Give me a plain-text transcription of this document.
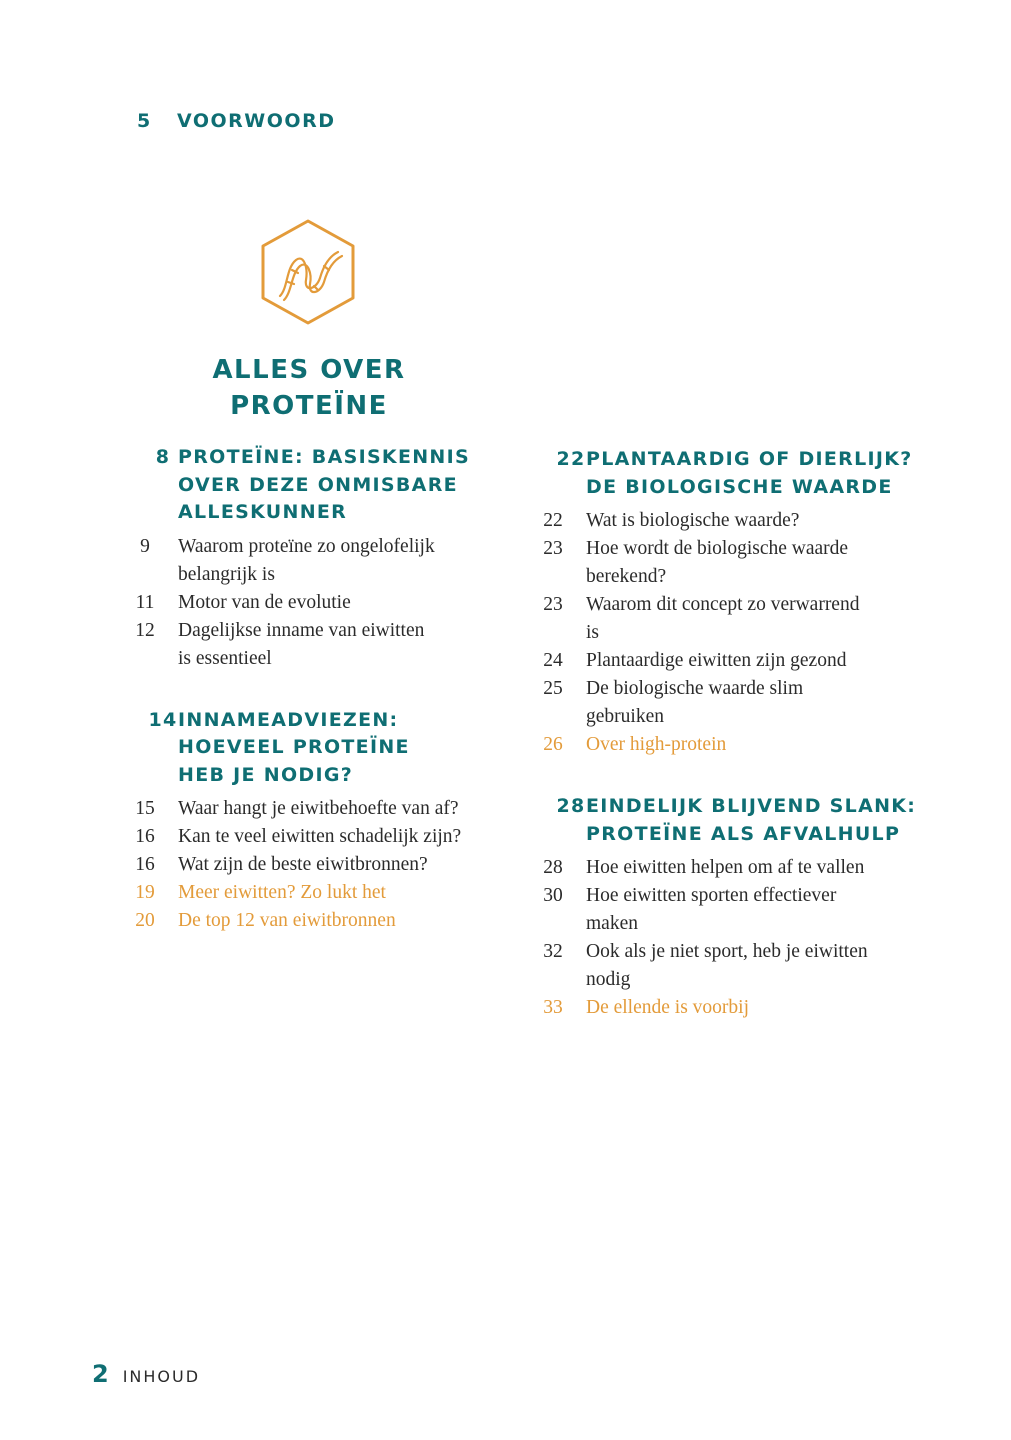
5 VOORWOORD
ALLES OVER
PROTEÏNE
8 PROTEÏNE: BASISKENNIS
OVER DEZE ONMISBARE
ALLESKUNNER
9	Waarom proteïne zo ongelofelijk
belangrijk is
11	Motor van de evolutie
12	Dagelijkse inname van eiwitten
is essentieel
14 INNAMEADVIEZEN:
HOEVEEL PROTEÏNE
HEB JE NODIG?
15	Waar hangt je eiwitbehoefte van af?
16	Kan te veel eiwitten schadelijk zijn?
16	Wat zijn de beste eiwitbronnen?
19	Meer eiwitten? Zo lukt het
20	De top 12 van eiwitbronnen
22 PLANTAARDIG OF DIERLIJK?
DE BIOLOGISCHE WAARDE
22	Wat is biologische waarde?
23	Hoe wordt de biologische waarde
berekend?
23	Waarom dit concept zo verwarrend
is
24	Plantaardige eiwitten zijn gezond
25	De biologische waarde slim
gebruiken
26	Over high-protein
28 EINDELIJK BLIJVEND SLANK:
PROTEÏNE ALS AFVALHULP
28	Hoe eiwitten helpen om af te vallen
30	Hoe eiwitten sporten effectiever
maken
32	Ook als je niet sport, heb je eiwitten
nodig
33	De ellende is voorbij
2 INHOUD
